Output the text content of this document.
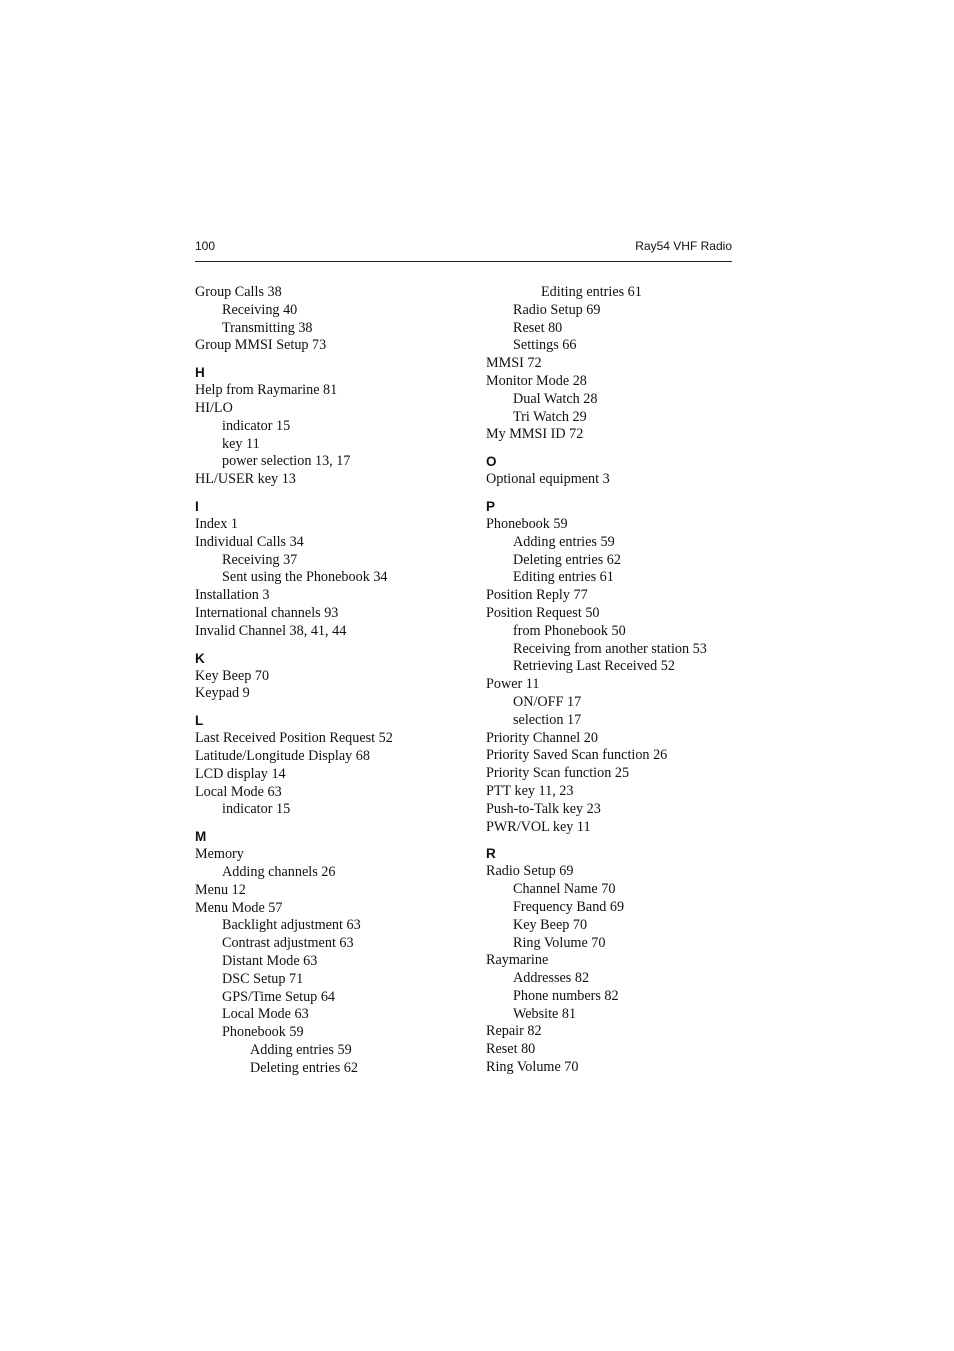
100	Ray54 VHF Radio
Group Calls 38
Receiving 40
Transmitting 38
Group MMSI Setup 73
H
Help from Raymarine 81
HI/LO
indicator 15
key 11
power selection 13, 17
HL/USER key 13
I
Index 1
Individual Calls 34
Receiving 37
Sent using the Phonebook 34
Installation 3
International channels 93
Invalid Channel 38, 41, 44
K
Key Beep 70
Keypad 9
L
Last Received Position Request 52
Latitude/Longitude Display 68
LCD display 14
Local Mode 63
indicator 15
M
Memory
Adding channels 26
Menu 12
Menu Mode 57
Backlight adjustment 63
Contrast adjustment 63
Distant Mode 63
DSC Setup 71
GPS/Time Setup 64
Local Mode 63
Phonebook 59
Adding entries 59
Deleting entries 62
Editing entries 61
Radio Setup 69
Reset 80
Settings 66
MMSI 72
Monitor Mode 28
Dual Watch 28
Tri Watch 29
My MMSI ID 72
O
Optional equipment 3
P
Phonebook 59
Adding entries 59
Deleting entries 62
Editing entries 61
Position Reply 77
Position Request 50
from Phonebook 50
Receiving from another station 53
Retrieving Last Received 52
Power 11
ON/OFF 17
selection 17
Priority Channel 20
Priority Saved Scan function 26
Priority Scan function 25
PTT key 11, 23
Push-to-Talk key 23
PWR/VOL key 11
R
Radio Setup 69
Channel Name 70
Frequency Band 69
Key Beep 70
Ring Volume 70
Raymarine
Addresses 82
Phone numbers 82
Website 81
Repair 82
Reset 80
Ring Volume 70
